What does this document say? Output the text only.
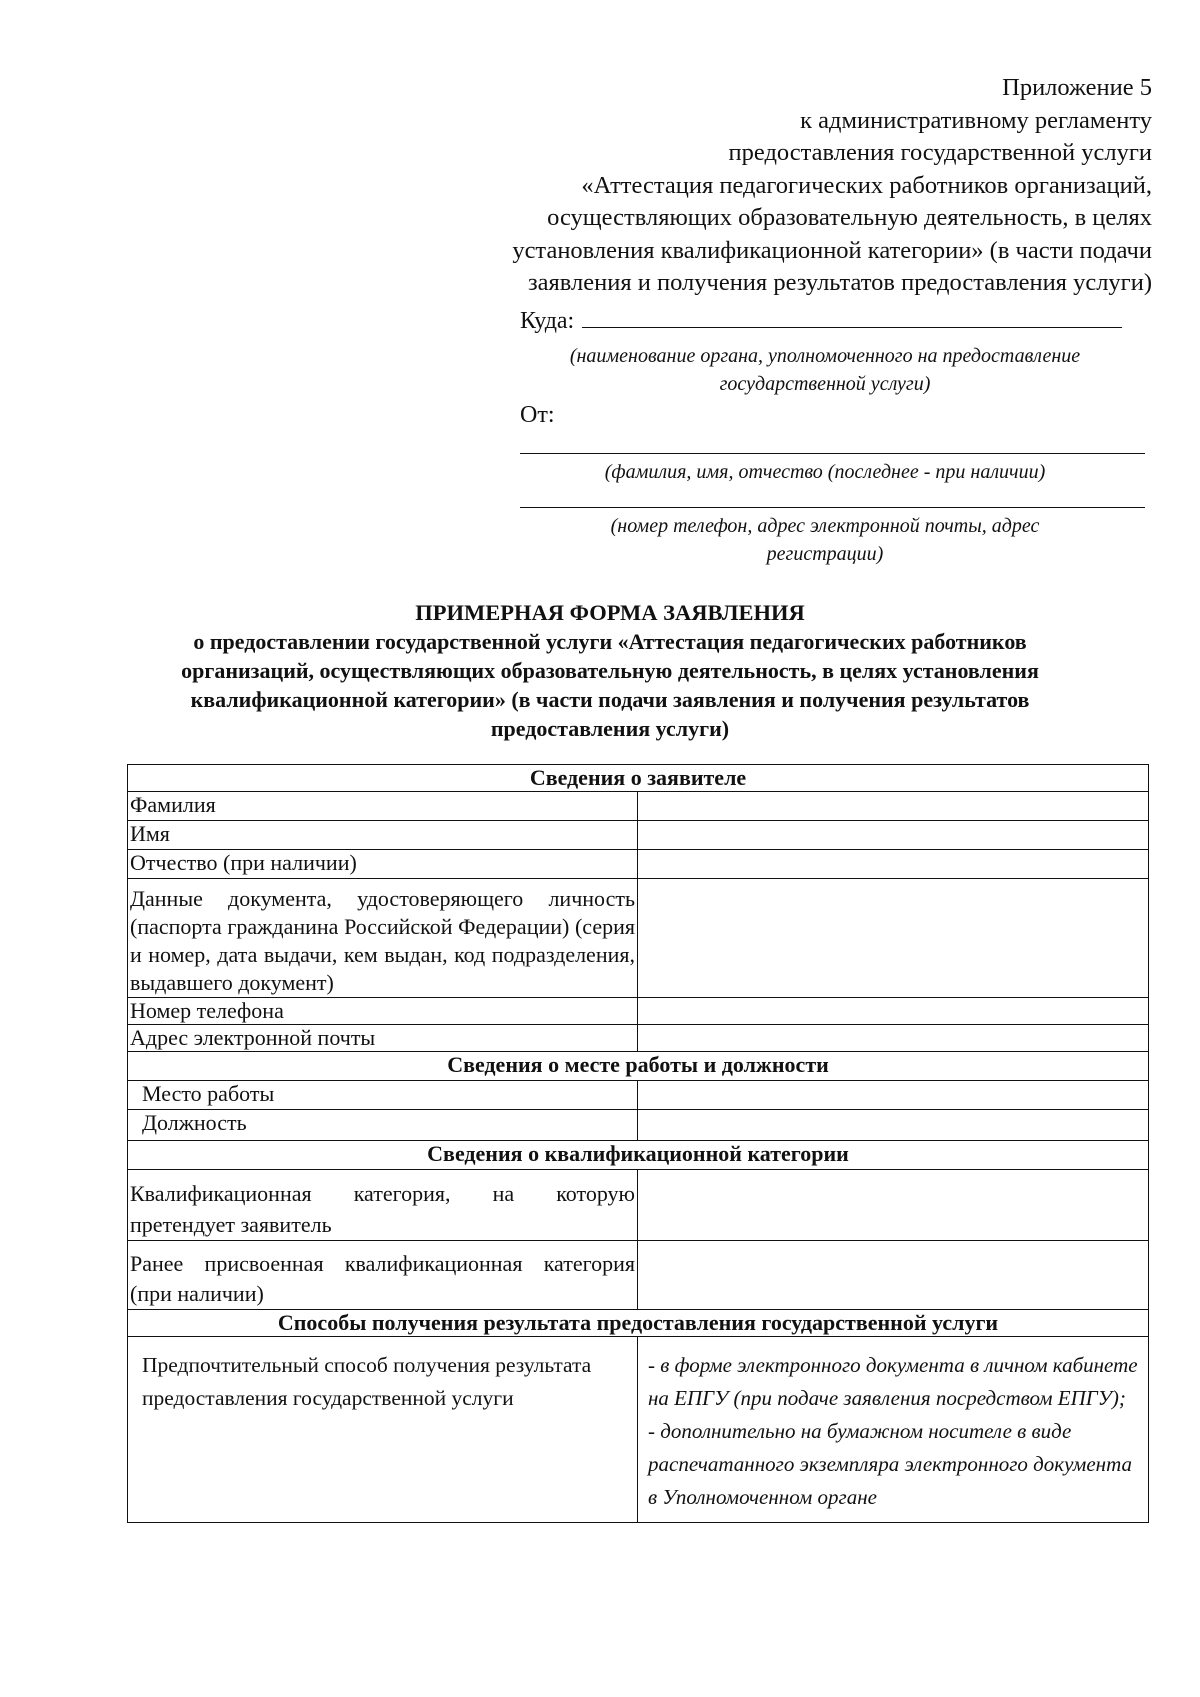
Приложение 5
к административному регламенту
предоставления государственной услуги
«Аттестация педагогических работников организаций,
осуществляющих образовательную деятельность, в целях
установления квалификационной категории» (в части подачи
заявления и получения результатов предоставления услуги)
Куда:
(наименование органа, уполномоченного на предоставление
государственной услуги)
От:
(фамилия, имя, отчество (последнее - при наличии)
(номер телефон, адрес электронной почты, адрес
регистрации)
ПРИМЕРНАЯ ФОРМА ЗАЯВЛЕНИЯ
о предоставлении государственной услуги «Аттестация педагогических работников
организаций, осуществляющих образовательную деятельность, в целях установления
квалификационной категории» (в части подачи заявления и получения результатов
предоставления услуги)
Сведения о заявителе	
Фамилия	
Имя	
Отчество (при наличии)	
Данные документа, удостоверяющего личность (паспорта гражданина Российской Федерации) (серия и номер, дата выдачи, кем выдан, код подразделения, выдавшего документ)	
Номер телефона	
Адрес электронной почты	
Сведения о месте работы и должности	
Место работы	
Должность	
Сведения о квалификационной категории	
Квалификационная категория, на которую претендует заявитель	
Ранее присвоенная квалификационная категория (при наличии)	
Способы получения результата предоставления государственной услуги	
Предпочтительный способ получения результата предоставления государственной услуги	- в форме электронного документа в личном кабинете на ЕПГУ (при подаче заявления посредством ЕПГУ);
- дополнительно на бумажном носителе в виде распечатанного экземпляра электронного документа в Уполномоченном органе
